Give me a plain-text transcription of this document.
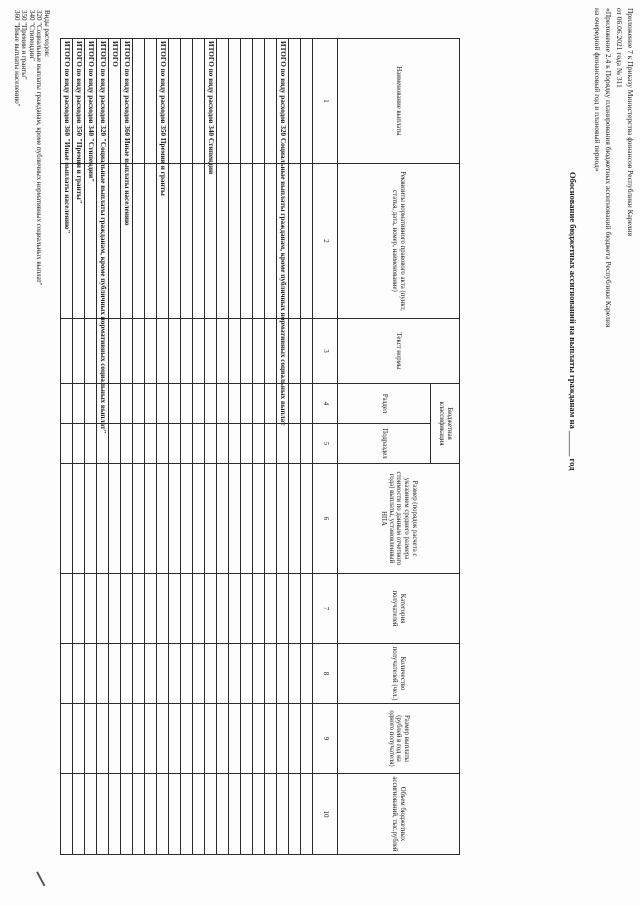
Приложение 7 к Приказу Министерства финансов Республики Карелия
от 06.06.2021 года № 311
«Приложение 2.4 к Порядку планирования бюджетных ассигнований бюджета Республики Карелия
на очередной финансовый год и плановый период»
Обоснование бюджетных ассигнований на выплаты гражданам на ______ год
Наименование выплаты	Реквизиты нормативного правового акта (пункт, статья, дата, номер, наименование)	Текст нормы	Бюджетная классификация		Размер (порядок расчета с указанием среднего размера стоимости по данным отчетного года) выплаты, установленный НПА	Категория получателей	Количество получателей (чел.)	Размер выплаты (рублей в год на одного получателя)	Объем бюджетных ассигнований, тыс.рублей
			Раздел	Подраздел					
1	2	3	4	5	6	7	8	9	10

ИТОГО по виду расходов 320 Социальные выплаты гражданам, кроме публичных нормативных социальных выплат									

ИТОГО по виду расходов 340 Стипендии									

ИТОГО по виду расходов 350 Премии и гранты									

ИТОГО по виду расходов 360 Иные выплаты населению									
ИТОГО									
ИТОГО по виду расходов 320 "Социальные выплаты гражданам, кроме публичных нормативных социальных выплат"									
ИТОГО по виду расходов 340 "Стипендии"									
ИТОГО по виду расходов 350 "Премии и гранты"									
ИТОГО по виду расходов 360 "Иные выплаты населению"									
Виды расходов:
320 "Социальные выплаты гражданам, кроме публичных нормативных социальных выплат"
340 "Стипендии"
350 "Премии и гранты"
360 "Иные выплаты населению"
